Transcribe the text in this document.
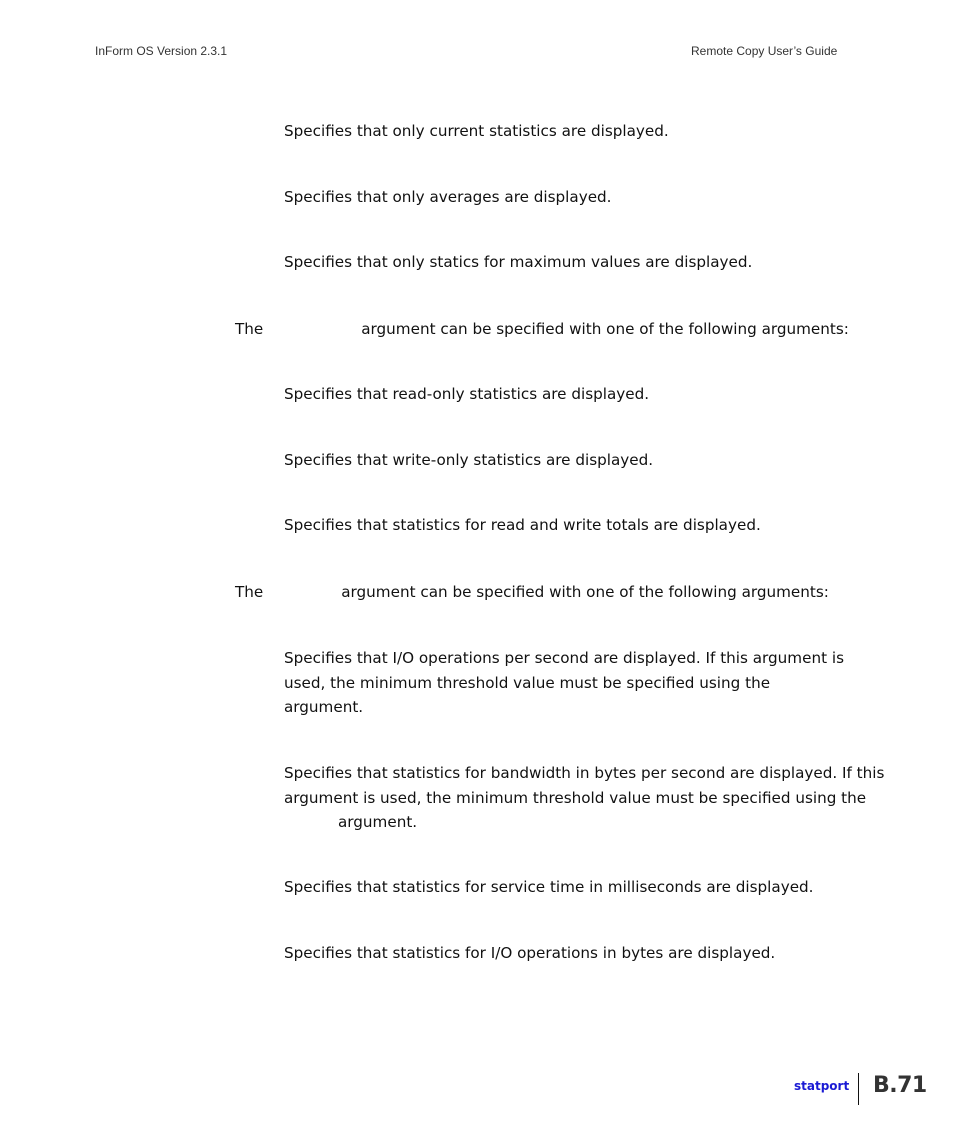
InForm OS Version 2.3.1	Remote Copy User’s Guide

Specifies that only current statistics are displayed.

Specifies that only averages are displayed.

Specifies that only statics for maximum values are displayed.

The	argument can be specified with one of the following arguments:

Specifies that read-only statistics are displayed.

Specifies that write-only statistics are displayed.

Specifies that statistics for read and write totals are displayed.

The	argument can be specified with one of the following arguments:

Specifies that I/O operations per second are displayed. If this argument is
used, the minimum threshold value must be specified using the
argument.
Specifies that statistics for bandwidth in bytes per second are displayed. If this
argument is used, the minimum threshold value must be specified using the
argument.

Specifies that statistics for service time in milliseconds are displayed.

Specifies that statistics for I/O operations in bytes are displayed.

statport B.71
